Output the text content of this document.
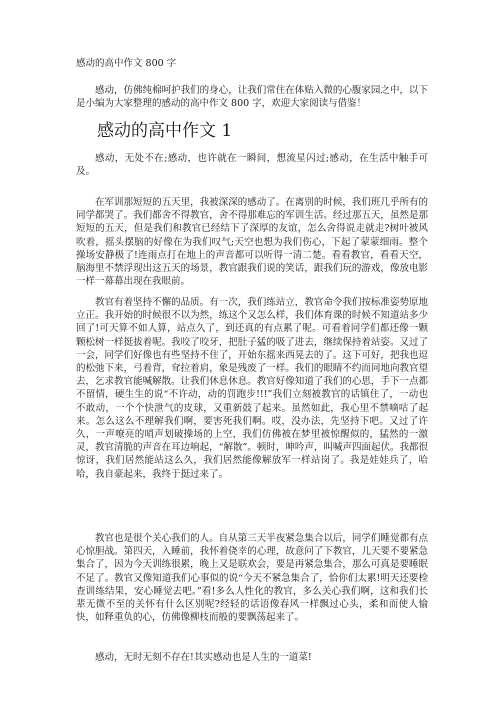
感动的高中作文 800 字

感动，仿佛纯棉呵护我们的身心，让我们常住在体贴入微的心腹家园之中，以下是小编为大家整理的感动的高中作文 800 字，欢迎大家阅读与借鉴！

感动的高中作文 1

感动，无处不在;感动，也许就在一瞬间，想流星闪过;感动，在生活中触手可及。

在军训那短短的五天里，我被深深的感动了。在离别的时候，我们班几乎所有的同学都哭了。我们都舍不得教官，舍不得那难忘的军训生活。经过那五天，虽然是那短短的五天，但是我们和教官已经结下了深厚的友谊，怎么舍得说走就走?树叶被风吹着，摇头摆脑的好像在为我们叹气;天空也想为我们伤心，下起了蒙蒙细雨。整个操场安静极了!连雨点打在地上的声音都可以听得一清二楚。看看教官，看看天空，脑海里不禁浮现出这五天的场景，教官跟我们说的笑话，跟我们玩的游戏，像放电影一样一幕幕出现在我眼前。

教官有着坚持不懈的品质。有一次，我们练站立，教官命令我们按标准姿势原地立正。我开始的时候很不以为然，练这个又怎么样，我们体育课的时候不知道站多少回了!可天算不如人算，站点久了，到还真的有点累了呢。可看着同学们都还像一颗颗松树一样挺拔着呢。我咬了咬牙，把肚子猛的吸了进去，继续保持着站姿。又过了一会，同学们好像也有些坚持不住了，开始东摇来西晃去的了。这下可好，把我也逗的松弛下来，弓着背，耷拉着肩，象是残废了一样。我们的眼睛不约而同地向教官望去，乞求教官能喊解散。让我们休息休息。教官好像知道了我们的心思，手下一点都不留情，硬生生的说“不许动，动的罚跑步!!!”我们立刻被教官的话镇住了，一动也不敢动，一个个快泄气的皮球，又重新鼓了起来。虽然如此，我心里不禁嘀咕了起来。怎么这么不理解我们啊，要害死我们啊。哎，没办法，先坚持下吧。又过了许久，一声嘹亮的哨声划破操场的上空，我们仿佛被在梦里被惊醒似的，猛然的一激灵，教官清脆的声音在耳边响起，“解散”。顿时，呻吟声，叫喊声四面起伏。我都很惊讶，我们居然能站这么久，我们居然能像解放军一样站岗了。我是娃娃兵了，哈哈，我自豪起来，我终于挺过来了。

教官也是很个关心我们的人。自从第三天半夜紧急集合以后，同学们睡觉都有点心惊胆战。第四天，入睡前，我怀着侥幸的心理，故意问了下教官，儿天要不要紧急集合了，因为今天训练很累，晚上又是联欢会，要是再紧急集合，那么可真是要睡眠不足了。教官又像知道我们心事似的说“今天不紧急集合了，恰你们太累!明天还要检查训练结果，安心睡觉去吧。”看!多么人性化的教官，多么关心我们啊，这和我们长辈无微不至的关怀有什么区别呢?经轻的话语像春风一样飘过心头，柔和而使人愉快，如释重负的心，仿佛像柳枝而般的要飘荡起来了。

感动，无时无刻不存在!其实感动也是人生的一道菜!
